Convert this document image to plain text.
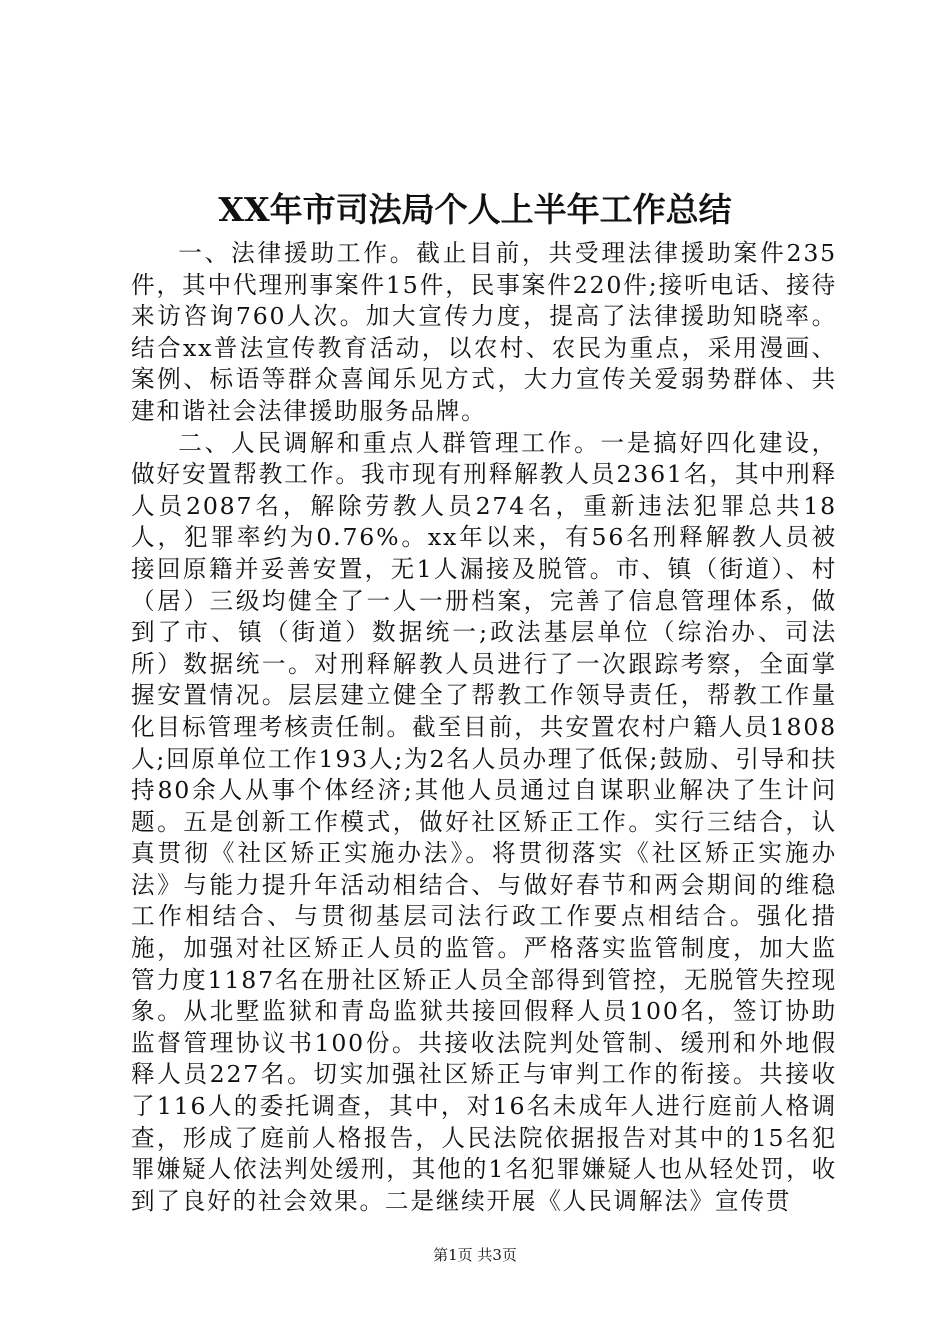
XX年市司法局个人上半年工作总结

一、法律援助工作。截止目前，共受理法律援助案件235件，其中代理刑事案件15件，民事案件220件;接听电话、接待来访咨询760人次。加大宣传力度，提高了法律援助知晓率。结合xx普法宣传教育活动，以农村、农民为重点，采用漫画、案例、标语等群众喜闻乐见方式，大力宣传关爱弱势群体、共建和谐社会法律援助服务品牌。

二、人民调解和重点人群管理工作。一是搞好四化建设，做好安置帮教工作。我市现有刑释解教人员2361名，其中刑释人员2087名，解除劳教人员274名，重新违法犯罪总共18人，犯罪率约为0.76%。xx年以来，有56名刑释解教人员被接回原籍并妥善安置，无1人漏接及脱管。市、镇（街道）、村（居）三级均健全了一人一册档案，完善了信息管理体系，做到了市、镇（街道）数据统一;政法基层单位（综治办、司法所）数据统一。对刑释解教人员进行了一次跟踪考察，全面掌握安置情况。层层建立健全了帮教工作领导责任，帮教工作量化目标管理考核责任制。截至目前，共安置农村户籍人员1808人;回原单位工作193人;为2名人员办理了低保;鼓励、引导和扶持80余人从事个体经济;其他人员通过自谋职业解决了生计问题。五是创新工作模式，做好社区矫正工作。实行三结合，认真贯彻《社区矫正实施办法》。将贯彻落实《社区矫正实施办法》与能力提升年活动相结合、与做好春节和两会期间的维稳工作相结合、与贯彻基层司法行政工作要点相结合。强化措施，加强对社区矫正人员的监管。严格落实监管制度，加大监管力度1187名在册社区矫正人员全部得到管控，无脱管失控现象。从北墅监狱和青岛监狱共接回假释人员100名，签订协助监督管理协议书100份。共接收法院判处管制、缓刑和外地假释人员227名。切实加强社区矫正与审判工作的衔接。共接收了116人的委托调查，其中，对16名未成年人进行庭前人格调查，形成了庭前人格报告，人民法院依据报告对其中的15名犯罪嫌疑人依法判处缓刑，其他的1名犯罪嫌疑人也从轻处罚，收到了良好的社会效果。二是继续开展《人民调解法》宣传贯

第1页 共3页
